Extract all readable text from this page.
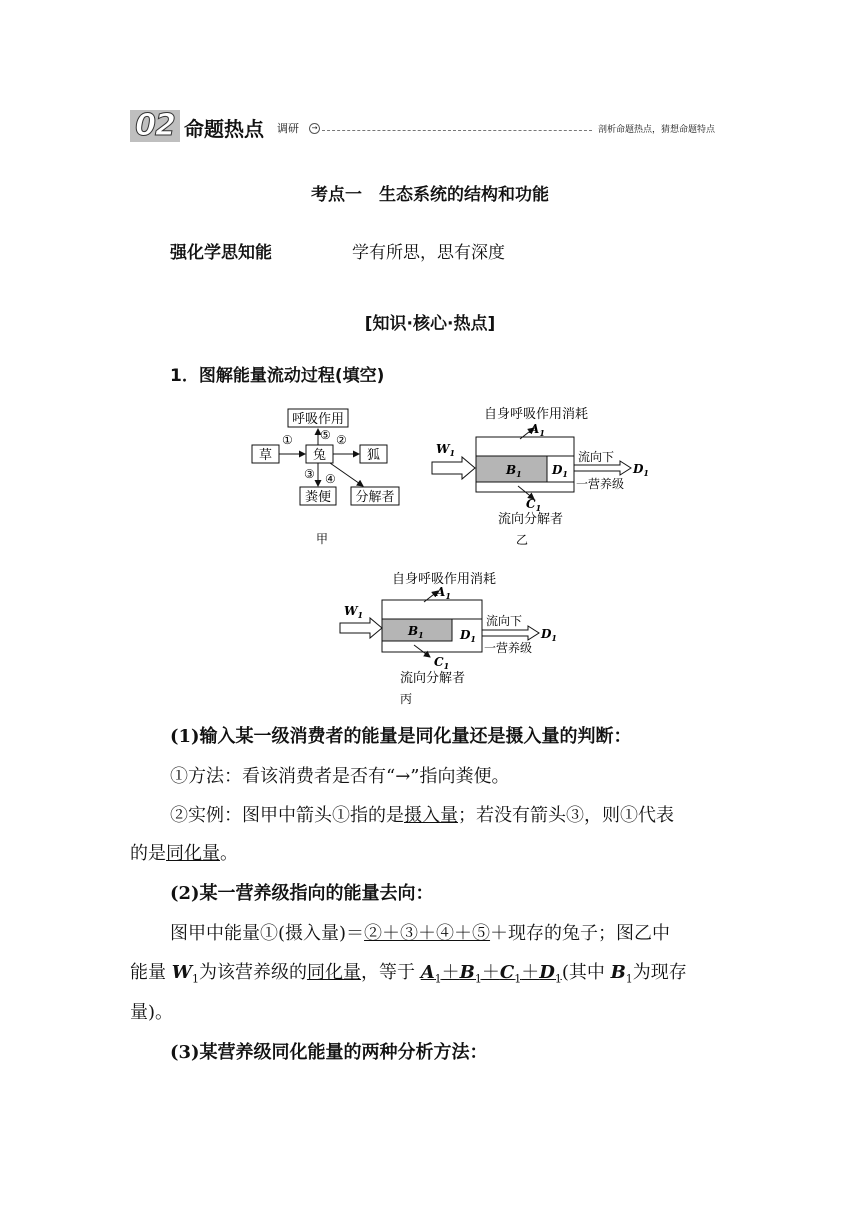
02 命题热点 调研	→	剖析命题热点，猜想命题特点
考点一　生态系统的结构和功能
强化学思知能	学有所思，思有深度
[知识·核心·热点]
1．图解能量流动过程(填空)
呼吸作用
草	兔	狐
粪便 分解者
①	②
③ ④
⑤
甲
自身呼吸作用消耗
$B_1$	$D_1$
$A_1$
$C_1$
流向分解者
$W_1$	流向下
一营养级
$D_1$
乙
自身呼吸作用消耗
$B_1$	$D_1$
$A_1$
$C_1$
流向分解者
$W_1$	流向下
一营养级
$D_1$
丙
(1)输入某一级消费者的能量是同化量还是摄入量的判断：
①方法：看该消费者是否有“→”指向粪便。
②实例：图甲中箭头①指的是摄入量；若没有箭头③，则①代表
的是同化量。
(2)某一营养级指向的能量去向：
图甲中能量①(摄入量)＝②＋③＋④＋⑤＋现存的兔子；图乙中
能量 $W_1$为该营养级的同化量，等于 $A_1+B_1+C_1+D_1$(其中 $B_1$为现存
量)。
(3)某营养级同化能量的两种分析方法：
